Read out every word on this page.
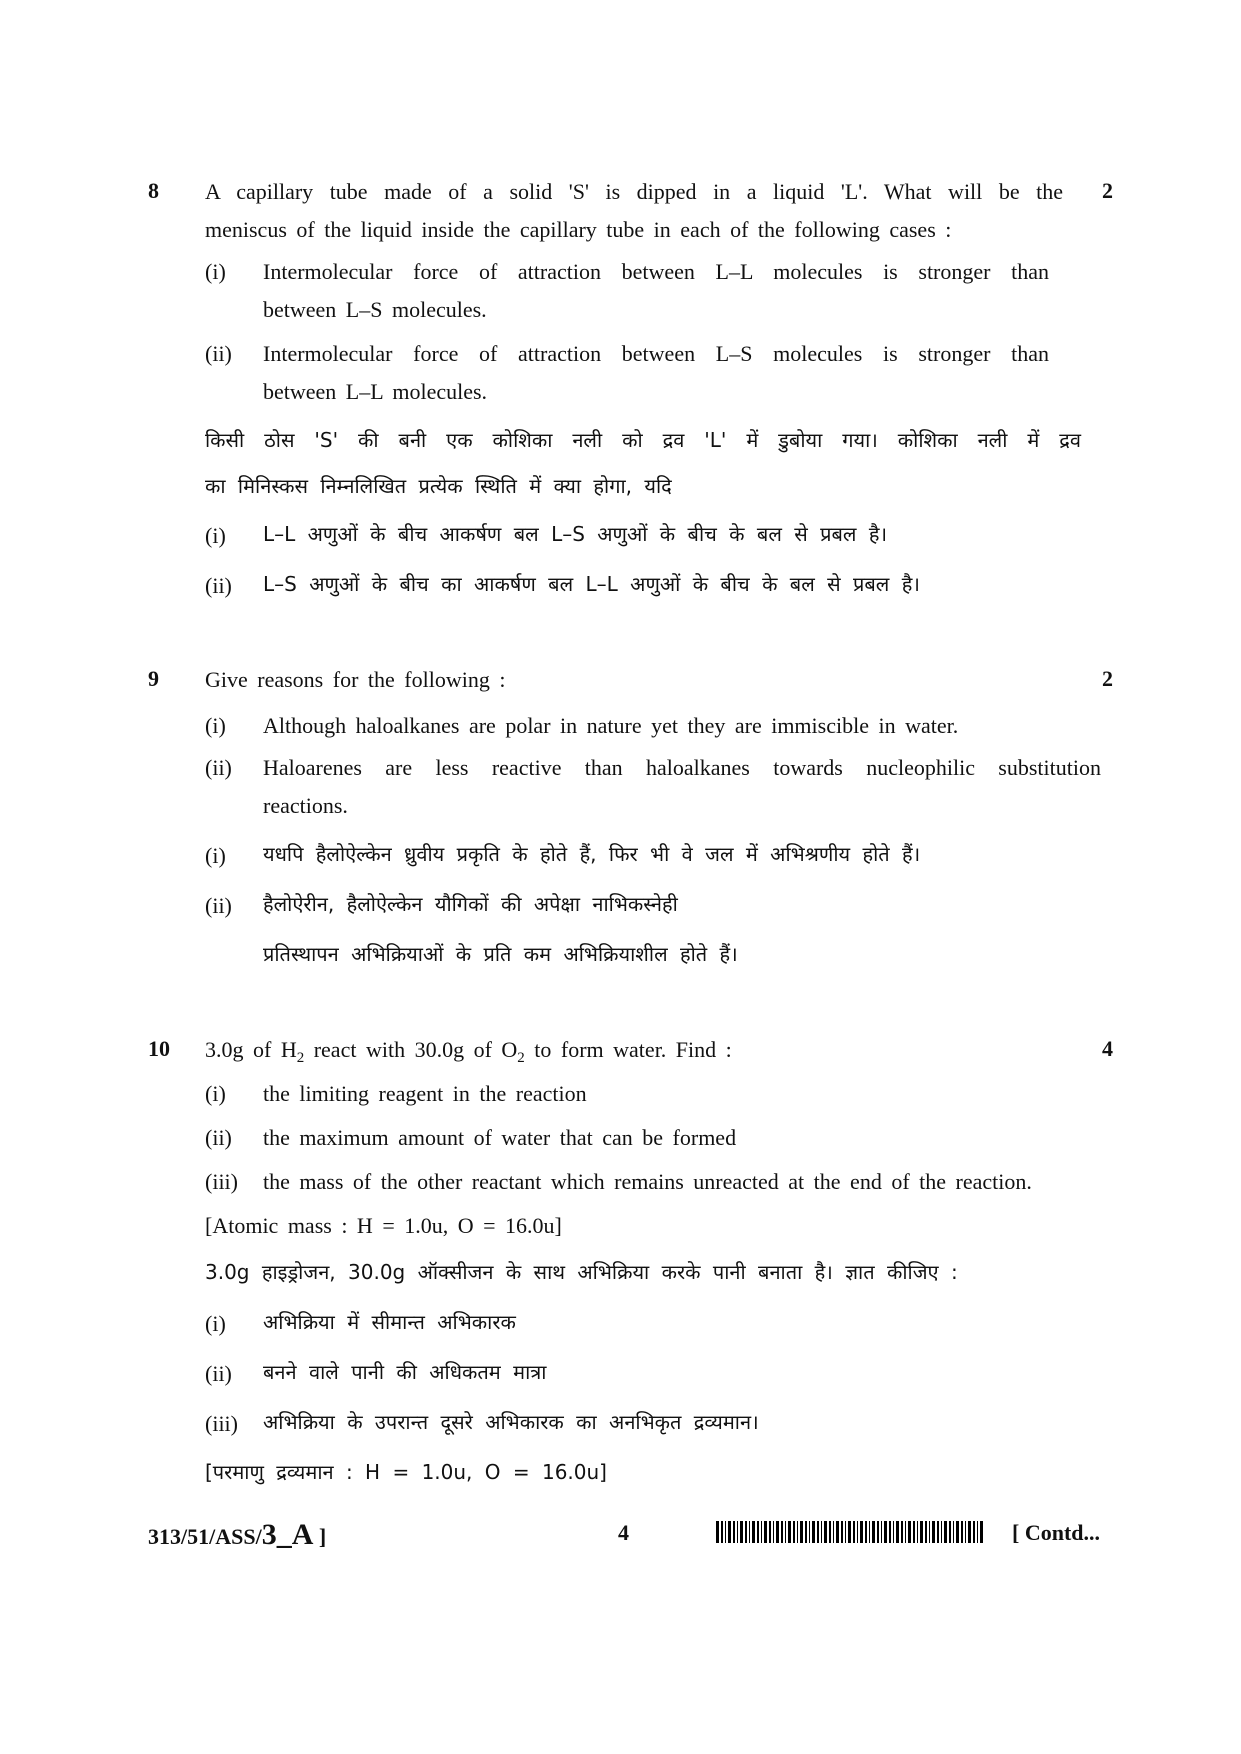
8	2
A capillary tube made of a solid 'S' is dipped in a liquid 'L'. What will be the
meniscus of the liquid inside the capillary tube in each of the following cases :
(i) Intermolecular force of attraction between L–L molecules is stronger than
between L–S molecules.
(ii) Intermolecular force of attraction between L–S molecules is stronger than
between L–L molecules.
किसी ठोस 'S' की बनी एक कोशिका नली को द्रव 'L' में डुबोया गया। कोशिका नली में द्रव
का मिनिस्कस निम्नलिखित प्रत्येक स्थिति में क्या होगा, यदि
(i) L–L अणुओं के बीच आकर्षण बल L–S अणुओं के बीच के बल से प्रबल है।
(ii) L–S अणुओं के बीच का आकर्षण बल L–L अणुओं के बीच के बल से प्रबल है।
9	2
Give reasons for the following :
(i) Although haloalkanes are polar in nature yet they are immiscible in water.
(ii) Haloarenes are less reactive than haloalkanes towards nucleophilic substitution
reactions.
(i) यधपि हैलोऐल्केन ध्रुवीय प्रकृति के होते हैं, फिर भी वे जल में अभिश्रणीय होते हैं।
(ii) हैलोऐरीन, हैलोऐल्केन यौगिकों की अपेक्षा नाभिकस्नेही
प्रतिस्थापन अभिक्रियाओं के प्रति कम अभिक्रियाशील होते हैं।
10	4
3.0g of $H_2$ react with 30.0g of $O_2$ to form water. Find :
(i) the limiting reagent in the reaction
(ii) the maximum amount of water that can be formed
(iii) the mass of the other reactant which remains unreacted at the end of the reaction.
[Atomic mass : H = 1.0u, O = 16.0u]
3.0g हाइड्रोजन, 30.0g ऑक्सीजन के साथ अभिक्रिया करके पानी बनाता है। ज्ञात कीजिए :
(i) अभिक्रिया में सीमान्त अभिकारक
(ii) बनने वाले पानी की अधिकतम मात्रा
(iii) अभिक्रिया के उपरान्त दूसरे अभिकारक का अनभिकृत द्रव्यमान।
[परमाणु द्रव्यमान : H = 1.0u, O = 16.0u]
313/51/ASS/3_A ]	4	[ Contd...
